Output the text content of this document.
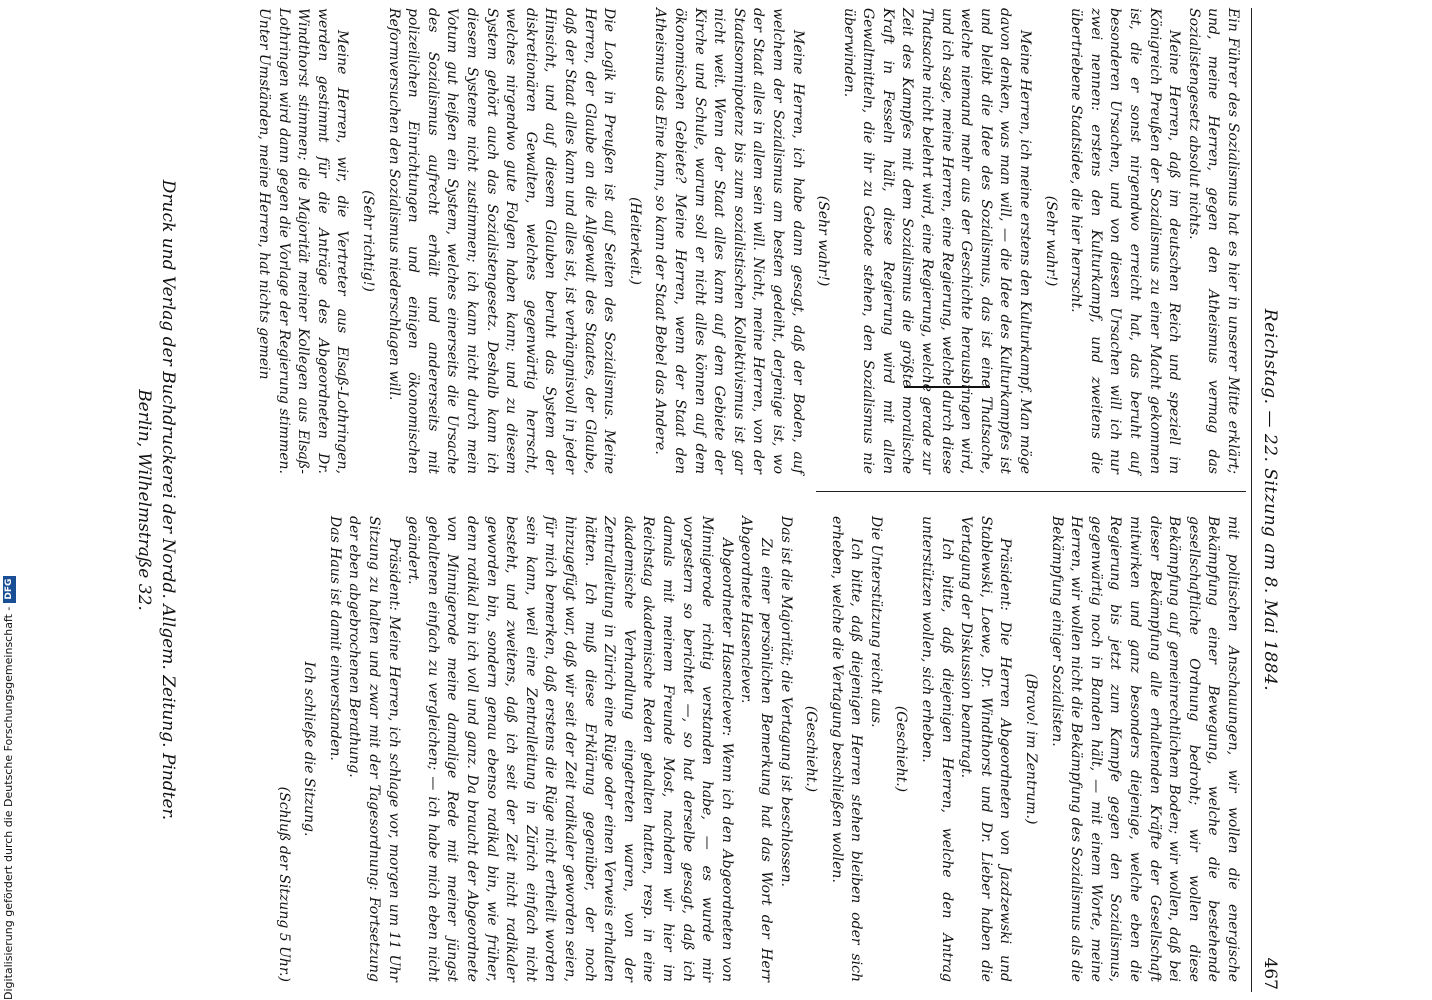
Reichstag. — 22. Sitzung am 8. Mai 1884.
467

Ein Führer des Sozialismus hat es hier in unserer Mitte erklärt; und, meine Herren, gegen den Atheismus vermag das Sozialistengesetz absolut nichts.

Meine Herren, daß im deutschen Reich und speziell im Königreich Preußen der Sozialismus zu einer Macht gekommen ist, die er sonst nirgendwo erreicht hat, das beruht auf besonderen Ursachen, und von diesen Ursachen will ich nur zwei nennen: erstens den Kulturkampf, und zweitens die übertriebene Staatsidee, die hier herrscht.

(Sehr wahr!)

Meine Herren, ich meine erstens den Kulturkampf. Man möge davon denken, was man will, — die Idee des Kulturkampfes ist und bleibt die Idee des Sozialismus, das ist eine Thatsache, welche niemand mehr aus der Geschichte herausbringen wird, und ich sage, meine Herren, eine Regierung, welche durch diese Thatsache nicht belehrt wird, eine Regierung, welche gerade zur Zeit des Kampfes mit dem Sozialismus die größte moralische Kraft in Fesseln hält, diese Regierung wird mit allen Gewaltmitteln, die ihr zu Gebote stehen, den Sozialismus nie überwinden.

(Sehr wahr!)

Meine Herren, ich habe dann gesagt, daß der Boden, auf welchem der Sozialismus am besten gedeiht, derjenige ist, wo der Staat alles in allem sein will. Nicht, meine Herren, von der Staatsomnipotenz bis zum sozialistischen Kollektivismus ist gar nicht weit. Wenn der Staat alles kann auf dem Gebiete der Kirche und Schule, warum soll er nicht alles können auf dem ökonomischen Gebiete? Meine Herren, wenn der Staat den Atheismus das Eine kann, so kann der Staat Bebel das Andere.

(Heiterkeit.)

Die Logik in Preußen ist auf Seiten des Sozialismus. Meine Herren, der Glaube an die Allgewalt des Staates, der Glaube, daß der Staat alles kann und alles ist, ist verhängnisvoll in jeder Hinsicht, und auf diesem Glauben beruht das System der diskretionären Gewalten, welches gegenwärtig herrscht, welches nirgendwo gute Folgen haben kann; und zu diesem System gehört auch das Sozialistengesetz. Deshalb kann ich diesem Systeme nicht zustimmen; ich kann nicht durch mein Votum gut heißen ein System, welches einerseits die Ursache des Sozialismus aufrecht erhält und andererseits mit polizeilichen Einrichtungen und einigen ökonomischen Reformversuchen den Sozialismus niederschlagen will.

(Sehr richtig!)

Meine Herren, wir, die Vertreter aus Elsaß-Lothringen, werden gestimmt für die Anträge des Abgeordneten Dr. Windthorst stimmen; die Majorität meiner Kollegen aus Elsaß-Lothringen wird dann gegen die Vorlage der Regierung stimmen. Unter Umständen, meine Herren, hat nichts gemein

mit politischen Anschauungen, wir wollen die energische Bekämpfung einer Bewegung, welche die bestehende gesellschaftliche Ordnung bedroht; wir wollen diese Bekämpfung auf gemeinrechtlichem Boden; wir wollen, daß bei dieser Bekämpfung alle erhaltenden Kräfte der Gesellschaft mitwirken und ganz besonders diejenige, welche eben die Regierung bis jetzt zum Kampfe gegen den Sozialismus, gegenwärtig noch in Banden hält, — mit einem Worte, meine Herren, wir wollen nicht die Bekämpfung des Sozialismus als die Bekämpfung einiger Sozialisten.

(Bravo! im Zentrum.)

Präsident: Die Herren Abgeordneten von Jazdzewski und Stablewski, Loewe, Dr. Windthorst und Dr. Lieber haben die Vertagung der Diskussion beantragt.

Ich bitte, daß diejenigen Herren, welche den Antrag unterstützen wollen, sich erheben.

(Geschieht.)

Die Unterstützung reicht aus.

Ich bitte, daß diejenigen Herren stehen bleiben oder sich erheben, welche die Vertagung beschließen wollen.

(Geschieht.)

Das ist die Majorität; die Vertagung ist beschlossen.

Zu einer persönlichen Bemerkung hat das Wort der Herr Abgeordnete Hasenclever.

Abgeordneter Hasenclever: Wenn ich den Abgeordneten von Minnigerode richtig verstanden habe, — es wurde mir vorgestern so berichtet —, so hat derselbe gesagt, daß ich damals mit meinem Freunde Most, nachdem wir hier im Reichstag akademische Reden gehalten hatten, resp. in eine akademische Verhandlung eingetreten waren, von der Zentralleitung in Zürich eine Rüge oder einen Verweis erhalten hätten. Ich muß diese Erklärung gegenüber, der noch hinzugefügt war, daß wir seit der Zeit radikaler geworden seien, für mich bemerken, daß erstens die Rüge nicht ertheilt worden sein kann, weil eine Zentralleitung in Zürich einfach nicht besteht, und zweitens, daß ich seit der Zeit nicht radikaler geworden bin, sondern genau ebenso radikal bin, wie früher, denn radikal bin ich voll und ganz. Da braucht der Abgeordnete von Minnigerode meine damalige Rede mit meiner jüngst gehaltenen einfach zu vergleichen; — ich habe mich eben nicht geändert.

Präsident: Meine Herren, ich schlage vor, morgen um 11 Uhr Sitzung zu halten und zwar mit der Tagesordnung: Fortsetzung der eben abgebrochenen Berathung.

Das Haus ist damit einverstanden.

Ich schließe die Sitzung.

(Schluß der Sitzung 5 Uhr.)

Druck und Verlag der Buchdruckerei der Nordd. Allgem. Zeitung. Pindter.
Berlin, Wilhelmstraße 32.
Digitalisierung gefördert durch die Deutsche Forschungsgemeinschaft -
DFG
